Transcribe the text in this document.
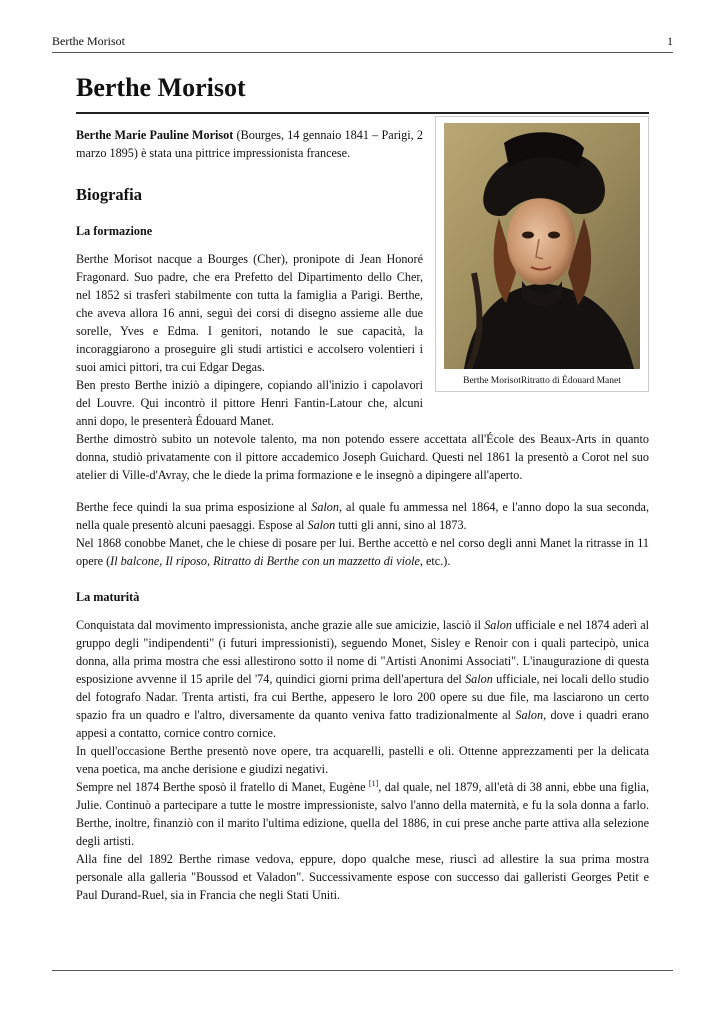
Berthe Morisot	1
Berthe Morisot
Berthe MorisotRitratto di Édouard Manet

Berthe Marie Pauline Morisot (Bourges, 14 gennaio 1841 – Parigi, 2 marzo 1895) è stata una pittrice impressionista francese.

Biografia
La formazione

Berthe Morisot nacque a Bourges (Cher), pronipote di Jean Honoré Fragonard. Suo padre, che era Prefetto del Dipartimento dello Cher, nel 1852 si trasferì stabilmente con tutta la famiglia a Parigi. Berthe, che aveva allora 16 anni, seguì dei corsi di disegno assieme alle due sorelle, Yves e Edma. I genitori, notando le sue capacità, la incoraggiarono a proseguire gli studi artistici e accolsero volentieri i suoi amici pittori, tra cui Edgar Degas.

Ben presto Berthe iniziò a dipingere, copiando all'inizio i capolavori del Louvre. Qui incontrò il pittore Henri Fantin-Latour che, alcuni anni dopo, le presenterà Édouard Manet.

Berthe dimostrò subito un notevole talento, ma non potendo essere accettata all'École des Beaux-Arts in quanto donna, studiò privatamente con il pittore accademico Joseph Guichard. Questi nel 1861 la presentò a Corot nel suo atelier di Ville-d'Avray, che le diede la prima formazione e le insegnò a dipingere all'aperto.

Berthe fece quindi la sua prima esposizione al Salon, al quale fu ammessa nel 1864, e l'anno dopo la sua seconda, nella quale presentò alcuni paesaggi. Espose al Salon tutti gli anni, sino al 1873.

Nel 1868 conobbe Manet, che le chiese di posare per lui. Berthe accettò e nel corso degli anni Manet la ritrasse in 11 opere (Il balcone, Il riposo, Ritratto di Berthe con un mazzetto di viole, etc.).

La maturità

Conquistata dal movimento impressionista, anche grazie alle sue amicizie, lasciò il Salon ufficiale e nel 1874 aderì al gruppo degli "indipendenti" (i futuri impressionisti), seguendo Monet, Sisley e Renoir con i quali partecipò, unica donna, alla prima mostra che essi allestirono sotto il nome di "Artisti Anonimi Associati". L'inaugurazione di questa esposizione avvenne il 15 aprile del '74, quindici giorni prima dell'apertura del Salon ufficiale, nei locali dello studio del fotografo Nadar. Trenta artisti, fra cui Berthe, appesero le loro 200 opere su due file, ma lasciarono un certo spazio fra un quadro e l'altro, diversamente da quanto veniva fatto tradizionalmente al Salon, dove i quadri erano appesi a contatto, cornice contro cornice.

In quell'occasione Berthe presentò nove opere, tra acquarelli, pastelli e oli. Ottenne apprezzamenti per la delicata vena poetica, ma anche derisione e giudizi negativi.

Sempre nel 1874 Berthe sposò il fratello di Manet, Eugène [1], dal quale, nel 1879, all'età di 38 anni, ebbe una figlia, Julie. Continuò a partecipare a tutte le mostre impressioniste, salvo l'anno della maternità, e fu la sola donna a farlo. Berthe, inoltre, finanziò con il marito l'ultima edizione, quella del 1886, in cui prese anche parte attiva alla selezione degli artisti.

Alla fine del 1892 Berthe rimase vedova, eppure, dopo qualche mese, riuscì ad allestire la sua prima mostra personale alla galleria "Boussod et Valadon". Successivamente espose con successo dai galleristi Georges Petit e Paul Durand-Ruel, sia in Francia che negli Stati Uniti.
